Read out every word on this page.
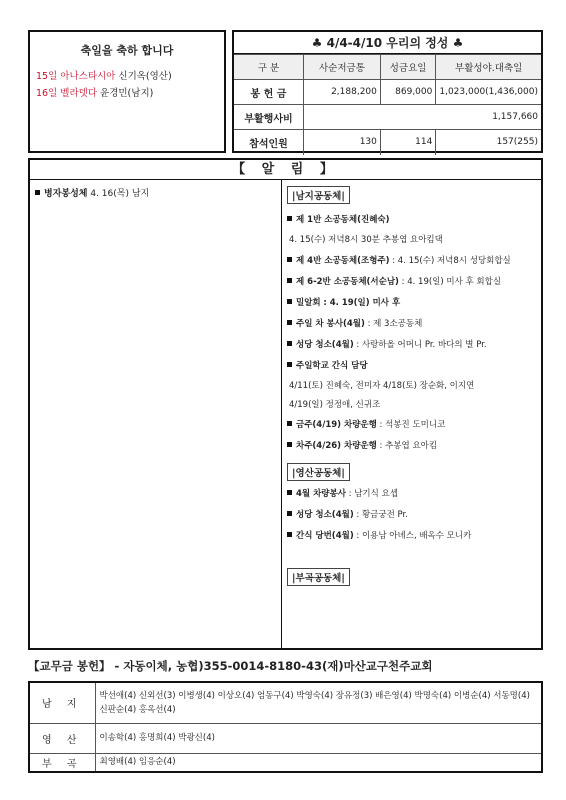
축일을 축하 합니다
15일 아나스타시아 신기옥(영산)
16일 벨라뎃다 윤경민(남지)
♣ 4/4-4/10 우리의 정성 ♣
구 분	사순저금통	성금요일	부활성야.대축일
봉 헌 금	2,188,200	869,000	1,023,000(1,436,000)
부활행사비	1,157,660		
참석인원	130	114	157(255)
【 알 림 】
병자봉성체 4. 16(목) 남지	|남지공동체|
제 1반 소공동체(진혜숙)
4. 15(수) 저녁8시 30분 추봉엽 요아킴댁
제 4반 소공동체(조형주) : 4. 15(수) 저녁8시 성당회합실
제 6-2반 소공동체(서순남) : 4. 19(일) 미사 후 회합실
밀알회 : 4. 19(일) 미사 후
주일 차 봉사(4월) : 제 3소공동체
성당 청소(4월) : 사랑하올 어머니 Pr. 바다의 별 Pr.
주일학교 간식 담당
4/11(토) 진혜숙, 전미자 4/18(토) 장순화, 이지연
4/19(일) 정정애, 신귀조
금주(4/19) 차량운행 : 석봉진 도미니코
차주(4/26) 차량운행 : 추봉엽 요아킴
|영산공동체|
4월 차량봉사 : 남기식 요셉
성당 청소(4월) : 황금궁전 Pr.
간식 당번(4월) : 이용남 아녜스, 배옥수 모니카
|부곡공동체|
【교무금 봉헌】 - 자동이체, 농협)355-0014-8180-43(재)마산교구천주교회
남 지	박선애(4) 신외선(3) 이병생(4) 이상오(4) 엄동구(4) 박영숙(4) 장유정(3) 배은영(4) 박명숙(4) 이병순(4) 서동명(4) 신판순(4) 홍옥선(4)
영 산	이송학(4) 홍명희(4) 박광신(4)
부 곡	최영배(4) 임응순(4)
